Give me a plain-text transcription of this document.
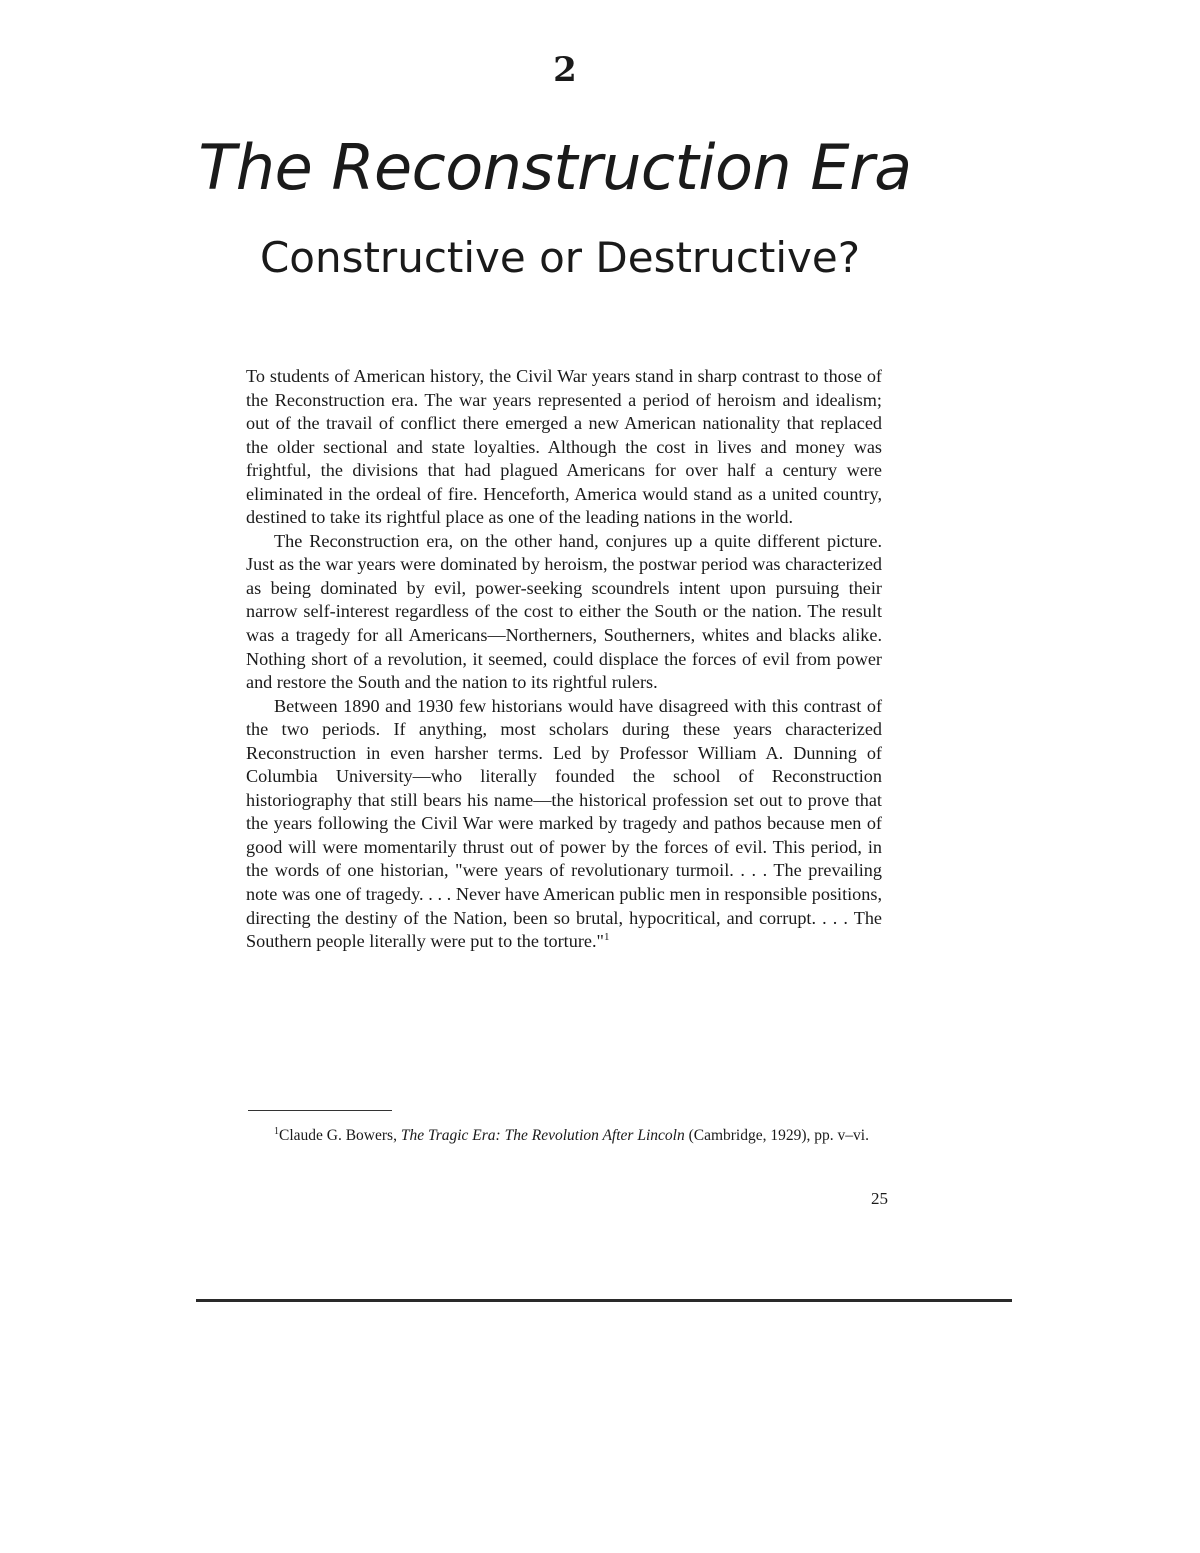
2
The Reconstruction Era
Constructive or Destructive?

To students of American history, the Civil War years stand in sharp contrast to those of the Reconstruction era. The war years represented a period of heroism and idealism; out of the travail of conflict there emerged a new American nationality that replaced the older sectional and state loyalties. Although the cost in lives and money was frightful, the divisions that had plagued Americans for over half a century were eliminated in the ordeal of fire. Henceforth, America would stand as a united country, destined to take its rightful place as one of the leading nations in the world.

The Reconstruction era, on the other hand, conjures up a quite different picture. Just as the war years were dominated by heroism, the postwar period was characterized as being dominated by evil, power-seeking scoundrels intent upon pursuing their narrow self-interest regardless of the cost to either the South or the nation. The result was a tragedy for all Americans—Northerners, Southerners, whites and blacks alike. Nothing short of a revolution, it seemed, could displace the forces of evil from power and restore the South and the nation to its rightful rulers.

Between 1890 and 1930 few historians would have disagreed with this contrast of the two periods. If anything, most scholars during these years characterized Reconstruction in even harsher terms. Led by Professor William A. Dunning of Columbia University—who literally founded the school of Reconstruction historiography that still bears his name—the historical profession set out to prove that the years following the Civil War were marked by tragedy and pathos because men of good will were momentarily thrust out of power by the forces of evil. This period, in the words of one historian, "were years of revolutionary turmoil. . . . The prevailing note was one of tragedy. . . . Never have American public men in responsible positions, directing the destiny of the Nation, been so brutal, hypocritical, and corrupt. . . . The Southern people literally were put to the torture."$^1$

$^1$Claude G. Bowers, The Tragic Era: The Revolution After Lincoln (Cambridge, 1929), pp. v–vi.

25
